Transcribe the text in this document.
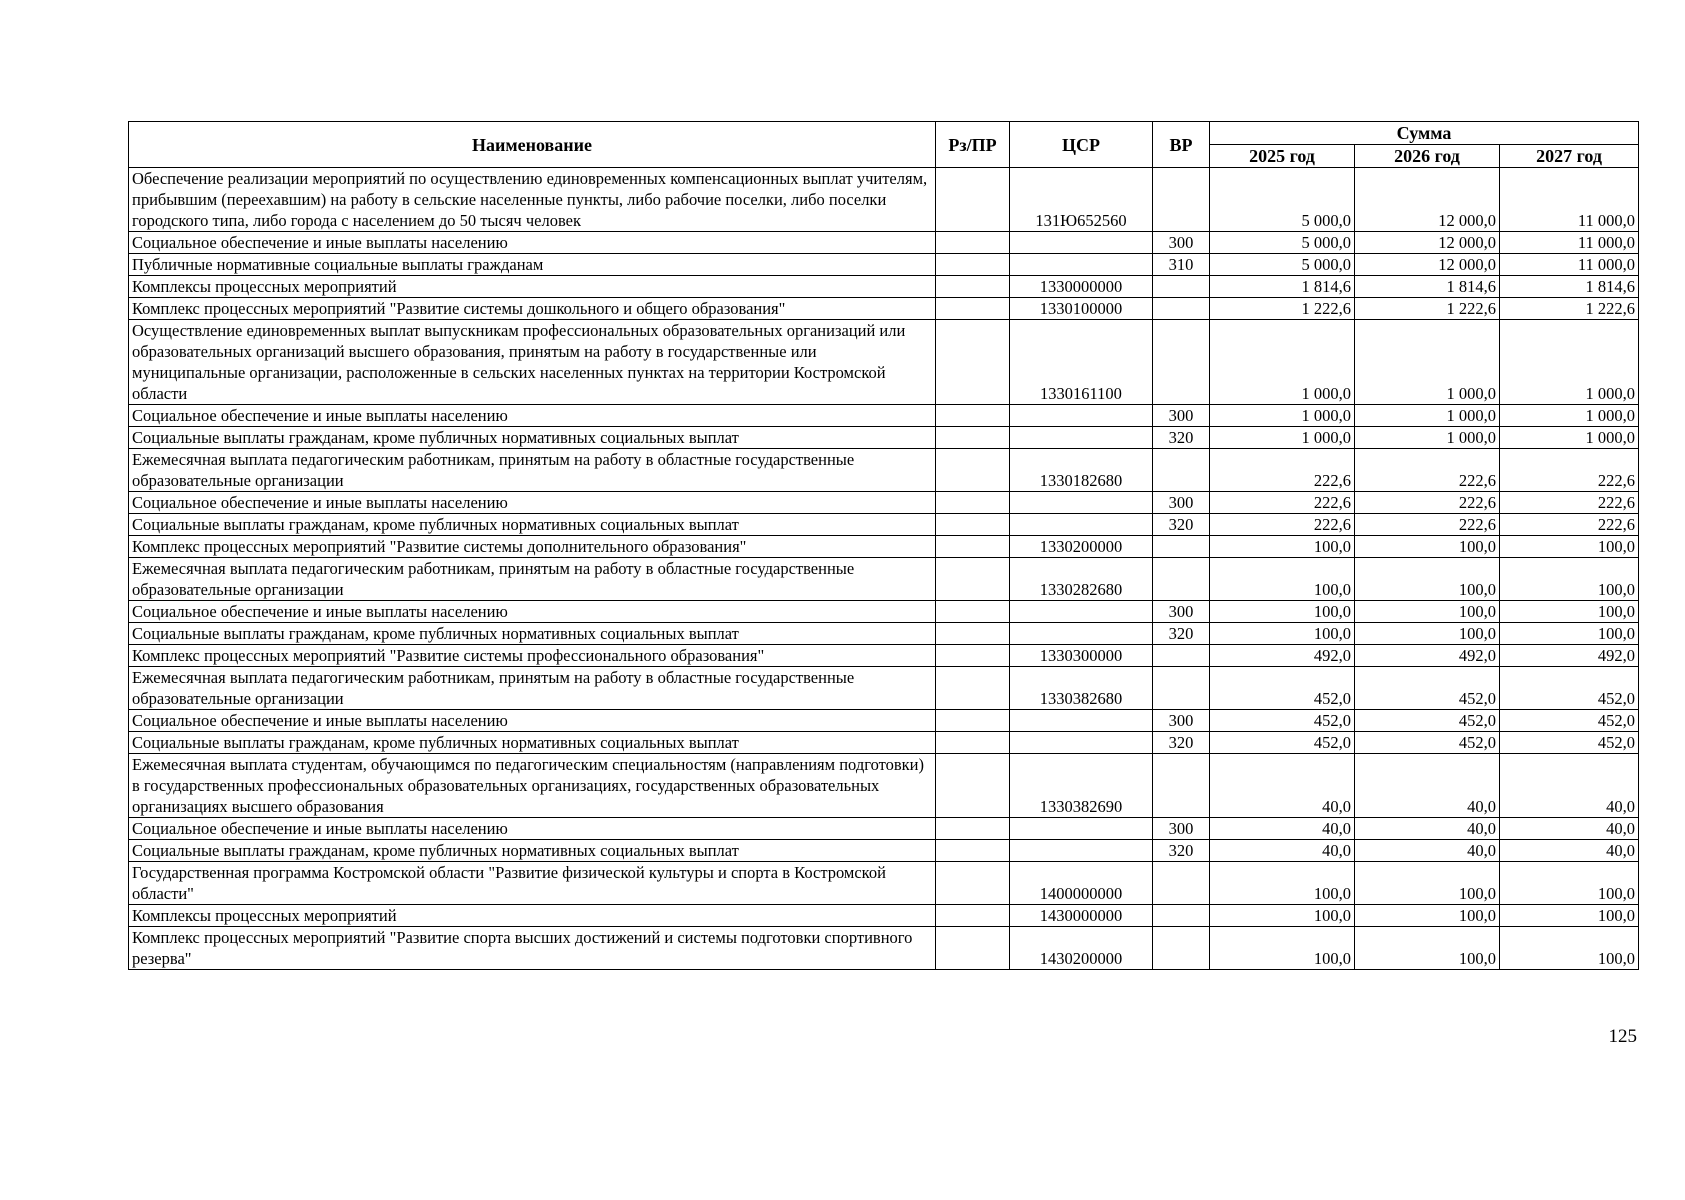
Наименование	Рз/ПР	ЦСР	ВР	Сумма		
				2025 год	2026 год	2027 год
Обеспечение реализации мероприятий по осуществлению единовременных компенсационных выплат учителям, прибывшим (переехавшим) на работу в сельские населенные пункты, либо рабочие поселки, либо поселки городского типа, либо города с населением до 50 тысяч человек		131Ю652560		5 000,0	12 000,0	11 000,0
Социальное обеспечение и иные выплаты населению			300	5 000,0	12 000,0	11 000,0
Публичные нормативные социальные выплаты гражданам			310	5 000,0	12 000,0	11 000,0
Комплексы процессных мероприятий		1330000000		1 814,6	1 814,6	1 814,6
Комплекс процессных мероприятий "Развитие системы дошкольного и общего образования"		1330100000		1 222,6	1 222,6	1 222,6
Осуществление единовременных выплат выпускникам профессиональных образовательных организаций или образовательных организаций высшего образования, принятым на работу в государственные или муниципальные организации, расположенные в сельских населенных пунктах на территории Костромской области		1330161100		1 000,0	1 000,0	1 000,0
Социальное обеспечение и иные выплаты населению			300	1 000,0	1 000,0	1 000,0
Социальные выплаты гражданам, кроме публичных нормативных социальных выплат			320	1 000,0	1 000,0	1 000,0
Ежемесячная выплата педагогическим работникам, принятым на работу в областные государственные образовательные организации		1330182680		222,6	222,6	222,6
Социальное обеспечение и иные выплаты населению			300	222,6	222,6	222,6
Социальные выплаты гражданам, кроме публичных нормативных социальных выплат			320	222,6	222,6	222,6
Комплекс процессных мероприятий "Развитие системы дополнительного образования"		1330200000		100,0	100,0	100,0
Ежемесячная выплата педагогическим работникам, принятым на работу в областные государственные образовательные организации		1330282680		100,0	100,0	100,0
Социальное обеспечение и иные выплаты населению			300	100,0	100,0	100,0
Социальные выплаты гражданам, кроме публичных нормативных социальных выплат			320	100,0	100,0	100,0
Комплекс процессных мероприятий "Развитие системы профессионального образования"		1330300000		492,0	492,0	492,0
Ежемесячная выплата педагогическим работникам, принятым на работу в областные государственные образовательные организации		1330382680		452,0	452,0	452,0
Социальное обеспечение и иные выплаты населению			300	452,0	452,0	452,0
Социальные выплаты гражданам, кроме публичных нормативных социальных выплат			320	452,0	452,0	452,0
Ежемесячная выплата студентам, обучающимся по педагогическим специальностям (направлениям подготовки) в государственных профессиональных образовательных организациях, государственных образовательных организациях высшего образования		1330382690		40,0	40,0	40,0
Социальное обеспечение и иные выплаты населению			300	40,0	40,0	40,0
Социальные выплаты гражданам, кроме публичных нормативных социальных выплат			320	40,0	40,0	40,0
Государственная программа Костромской области "Развитие физической культуры и спорта в Костромской области"		1400000000		100,0	100,0	100,0
Комплексы процессных мероприятий		1430000000		100,0	100,0	100,0
Комплекс процессных мероприятий "Развитие спорта высших достижений и системы подготовки спортивного резерва"		1430200000		100,0	100,0	100,0
125
